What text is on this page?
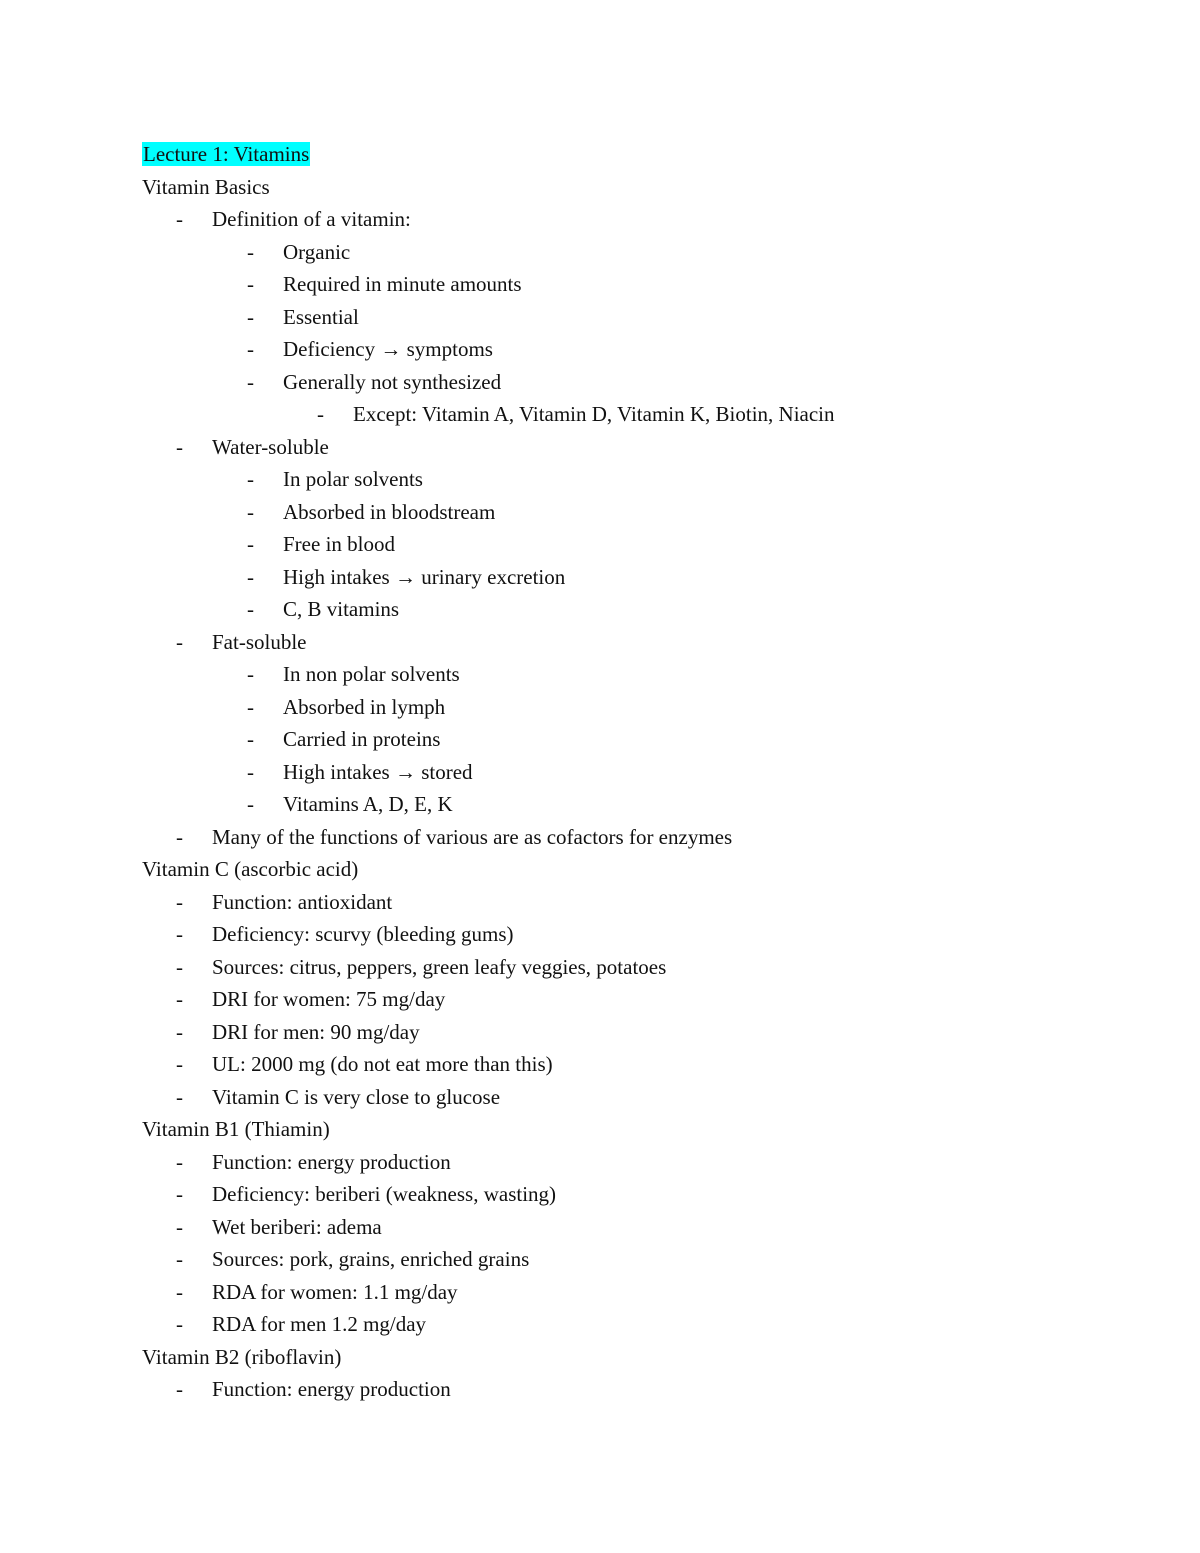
Lecture 1: Vitamins
Vitamin Basics
- Definition of a vitamin:
- Organic
- Required in minute amounts
- Essential
- Deficiency → symptoms
- Generally not synthesized
- Except: Vitamin A, Vitamin D, Vitamin K, Biotin, Niacin
- Water-soluble
- In polar solvents
- Absorbed in bloodstream
- Free in blood
- High intakes → urinary excretion
- C, B vitamins
- Fat-soluble
- In non polar solvents
- Absorbed in lymph
- Carried in proteins
- High intakes → stored
- Vitamins A, D, E, K
- Many of the functions of various are as cofactors for enzymes
Vitamin C (ascorbic acid)
- Function: antioxidant
- Deficiency: scurvy (bleeding gums)
- Sources: citrus, peppers, green leafy veggies, potatoes
- DRI for women: 75 mg/day
- DRI for men: 90 mg/day
- UL: 2000 mg (do not eat more than this)
- Vitamin C is very close to glucose
Vitamin B1 (Thiamin)
- Function: energy production
- Deficiency: beriberi (weakness, wasting)
- Wet beriberi: adema
- Sources: pork, grains, enriched grains
- RDA for women: 1.1 mg/day
- RDA for men 1.2 mg/day
Vitamin B2 (riboflavin)
- Function: energy production
